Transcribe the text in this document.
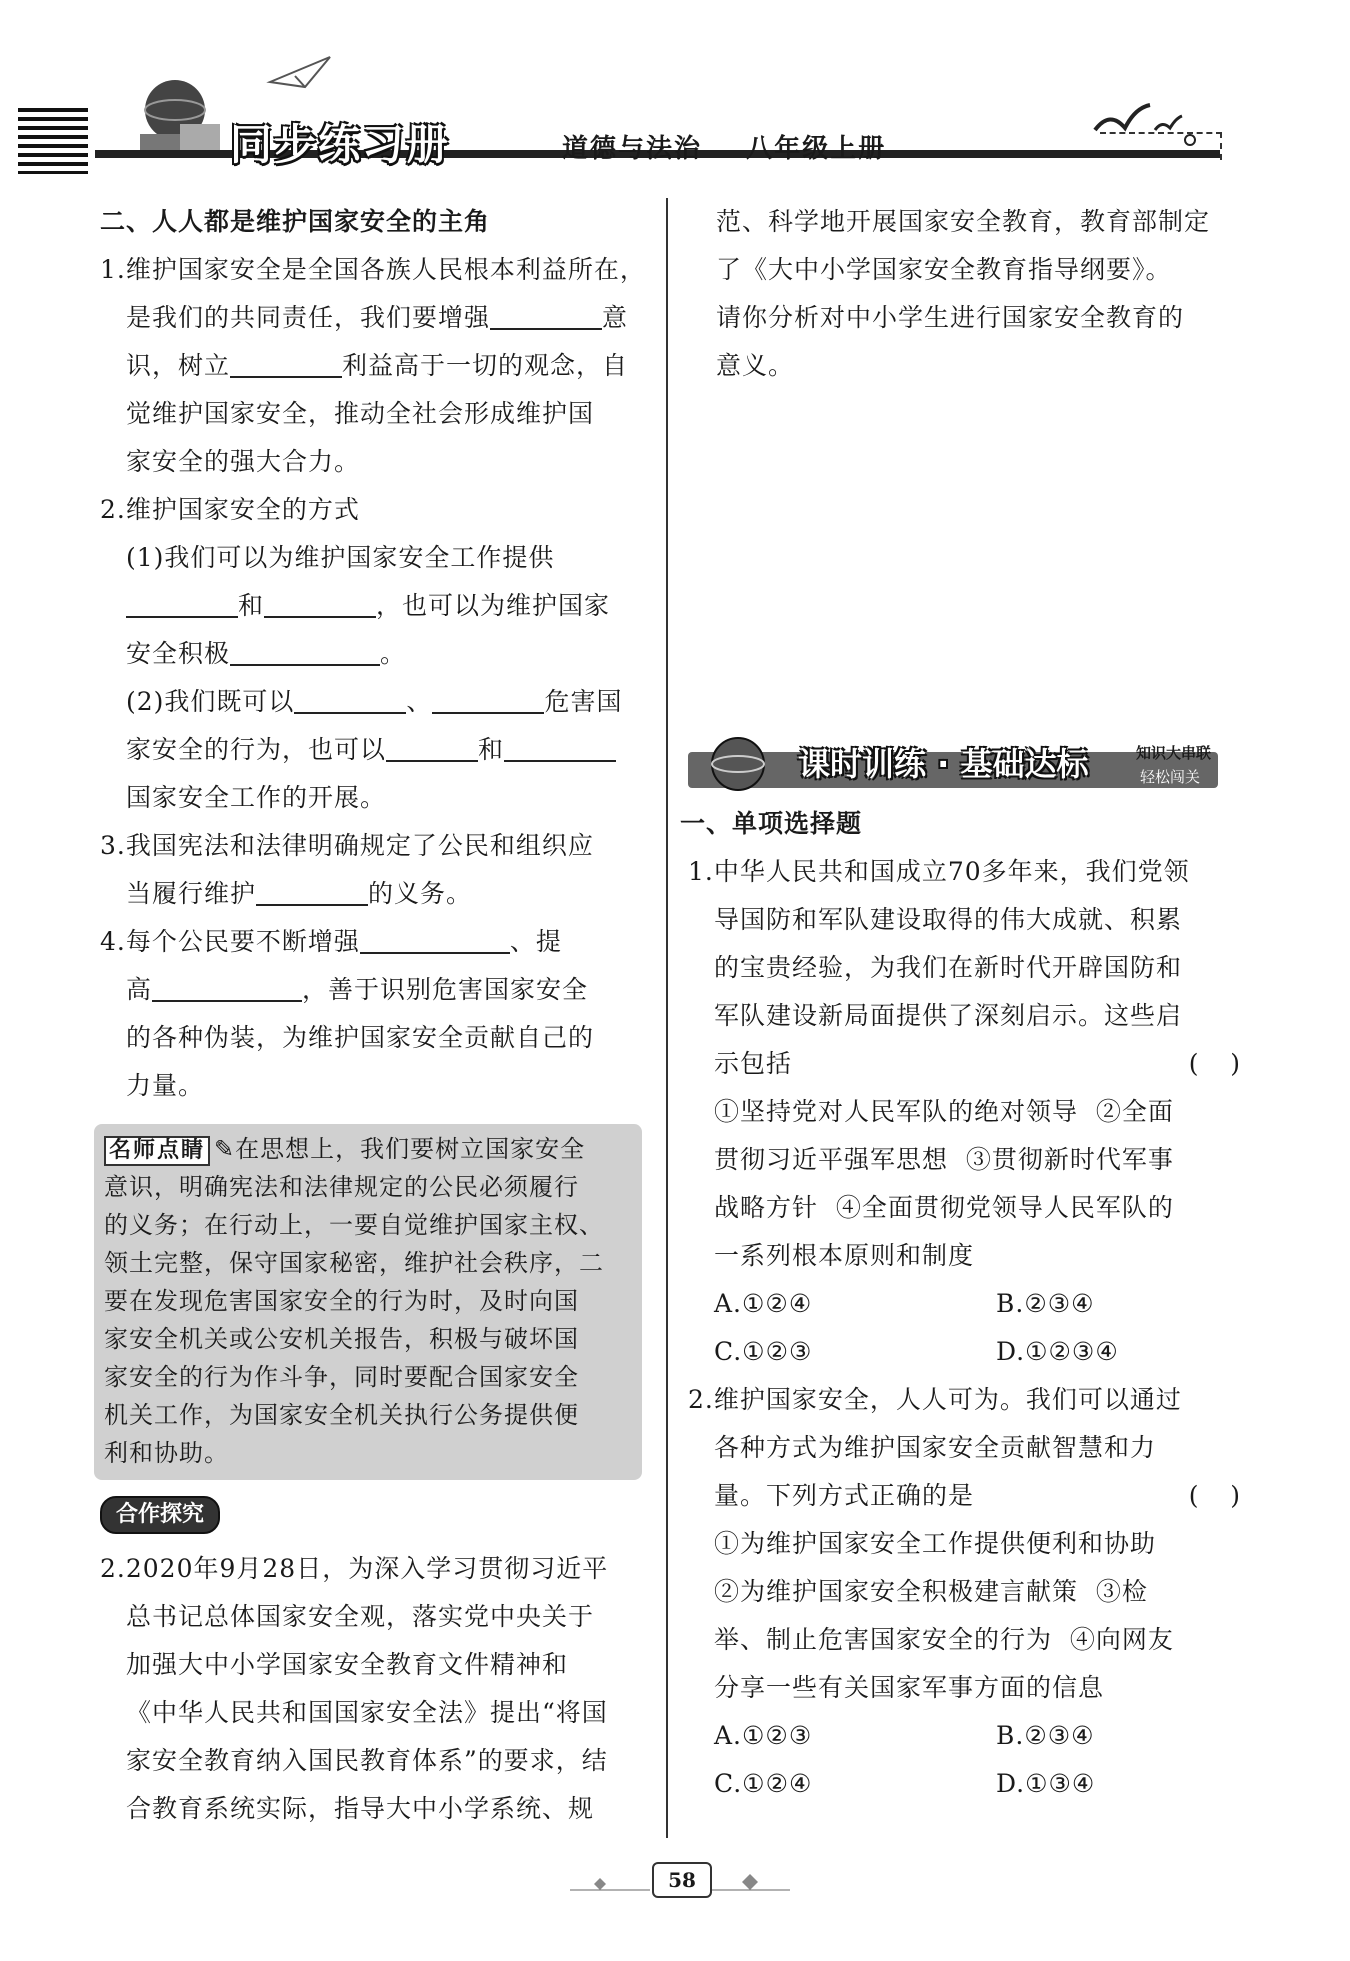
同步练习册	道德与法治    八年级上册
二、人人都是维护国家安全的主角
1.维护国家安全是全国各族人民根本利益所在，
是我们的共同责任，我们要增强	意
识，树立	利益高于一切的观念，自
觉维护国家安全，推动全社会形成维护国
家安全的强大合力。
2.维护国家安全的方式
(1)我们可以为维护国家安全工作提供
和	，也可以为维护国家
安全积极	。
(2)我们既可以	、	危害国
家安全的行为，也可以	和
国家安全工作的开展。
3.我国宪法和法律明确规定了公民和组织应
当履行维护	的义务。
4.每个公民要不断增强	、提
高	，善于识别危害国家安全
的各种伪装，为维护国家安全贡献自己的
力量。
名师点睛 ✎在思想上，我们要树立国家安全
意识，明确宪法和法律规定的公民必须履行
的义务；在行动上，一要自觉维护国家主权、
领土完整，保守国家秘密，维护社会秩序，二
要在发现危害国家安全的行为时，及时向国
家安全机关或公安机关报告，积极与破坏国
家安全的行为作斗争，同时要配合国家安全
机关工作，为国家安全机关执行公务提供便
利和协助。
合作探究
2.2020年9月28日，为深入学习贯彻习近平
总书记总体国家安全观，落实党中央关于
加强大中小学国家安全教育文件精神和
《中华人民共和国国家安全法》提出“将国
家安全教育纳入国民教育体系”的要求，结
合教育系统实际，指导大中小学系统、规
范、科学地开展国家安全教育，教育部制定
了《大中小学国家安全教育指导纲要》。
请你分析对中小学生进行国家安全教育的
意义。
课时训练 · 基础达标	知识大串联
轻松闯关
一、单项选择题
1.中华人民共和国成立70多年来，我们党领
导国防和军队建设取得的伟大成就、积累
的宝贵经验，为我们在新时代开辟国防和
军队建设新局面提供了深刻启示。这些启
示包括	(    )
①坚持党对人民军队的绝对领导  ②全面
贯彻习近平强军思想  ③贯彻新时代军事
战略方针  ④全面贯彻党领导人民军队的
一系列根本原则和制度
A.①②④	B.②③④
C.①②③	D.①②③④
2.维护国家安全，人人可为。我们可以通过
各种方式为维护国家安全贡献智慧和力
量。下列方式正确的是	(    )
①为维护国家安全工作提供便利和协助
②为维护国家安全积极建言献策  ③检
举、制止危害国家安全的行为  ④向网友
分享一些有关国家军事方面的信息
A.①②③	B.②③④
C.①②④	D.①③④
58
